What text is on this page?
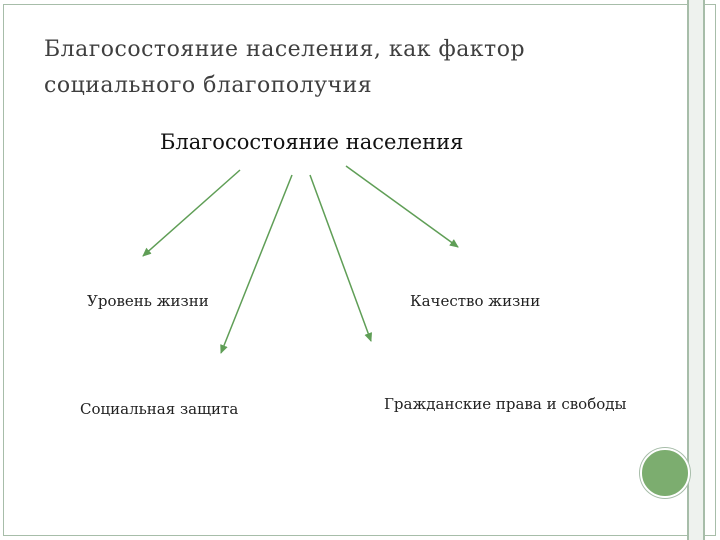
Благосостояние населения, как фактор
социального благополучия
Благосостояние населения
Уровень жизни	Качество жизни
Социальная защита	Гражданские права и свободы
